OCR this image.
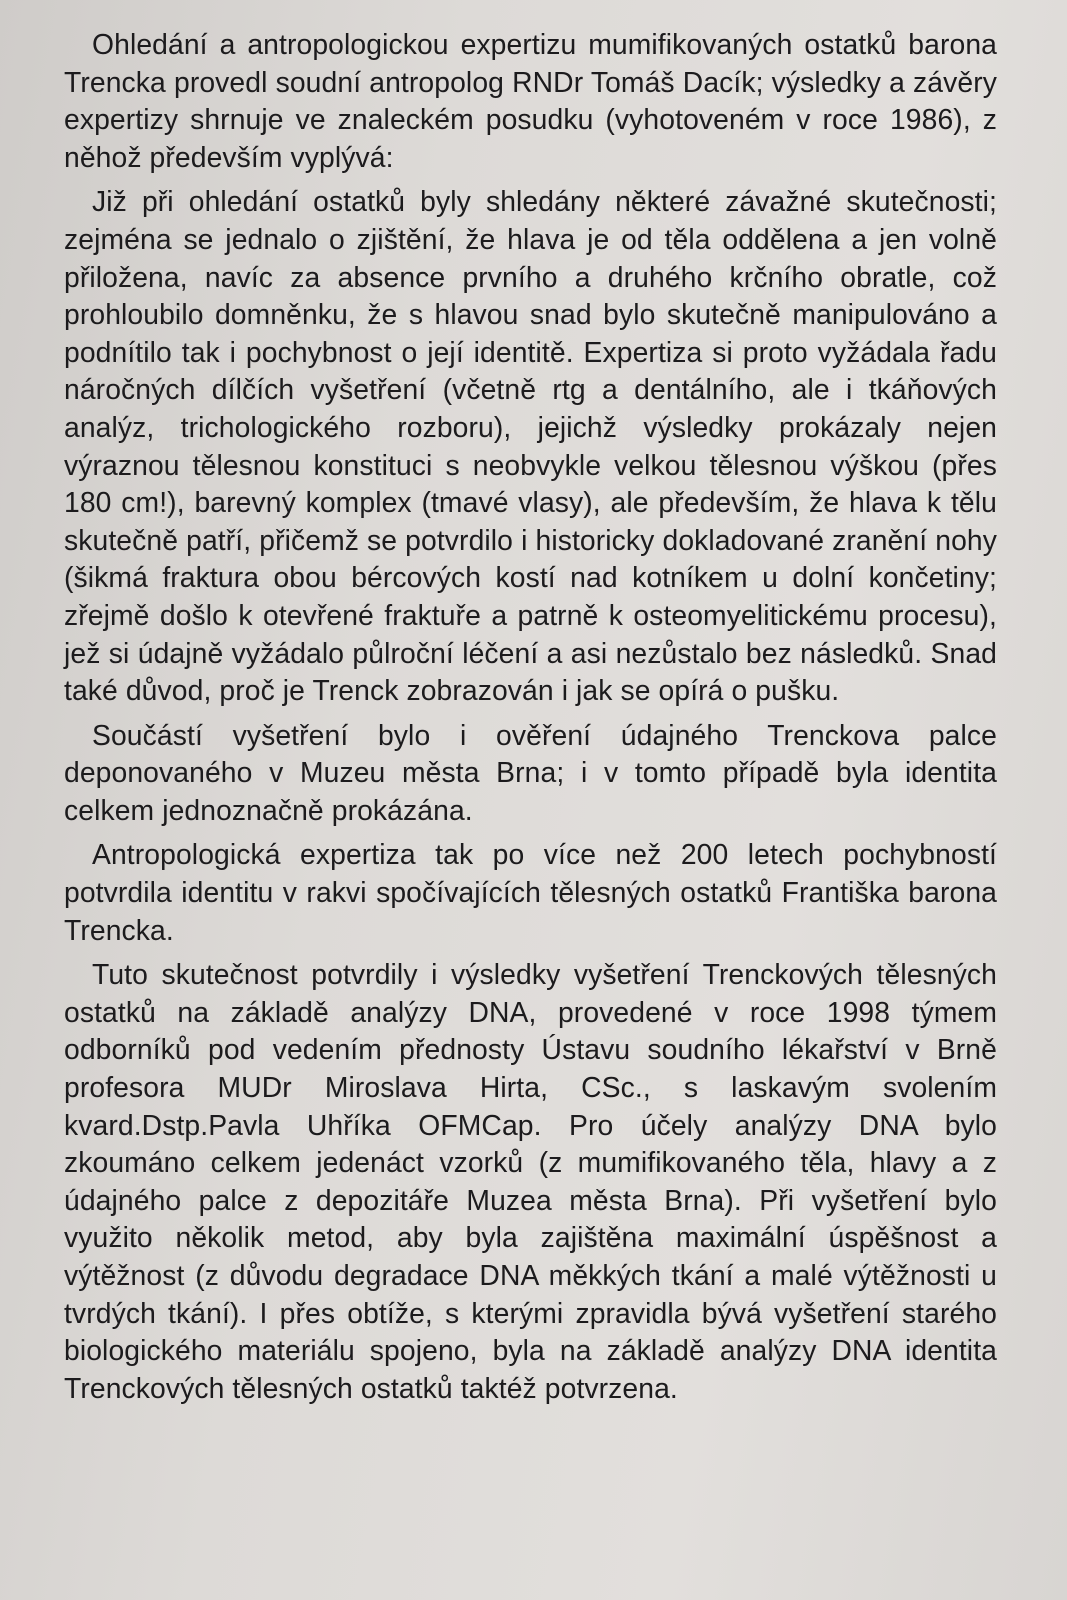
Ohledání a antropologickou expertizu mumifikovaných ostatků barona Trencka provedl soudní antropolog RNDr Tomáš Dacík; výsledky a závěry expertizy shrnuje ve znaleckém posudku (vyhotoveném v roce 1986), z něhož především vyplývá:

Již při ohledání ostatků byly shledány některé závažné skutečnosti; zejména se jednalo o zjištění, že hlava je od těla oddělena a jen volně přiložena, navíc za absence prvního a druhého krčního obratle, což prohloubilo domněnku, že s hlavou snad bylo skutečně manipulováno a podnítilo tak i pochybnost o její identitě. Expertiza si proto vyžádala řadu náročných dílčích vyšetření (včetně rtg a dentálního, ale i tkáňových analýz, trichologického rozboru), jejichž výsledky prokázaly nejen výraznou tělesnou konstituci s neobvykle velkou tělesnou výškou (přes 180 cm!), barevný komplex (tmavé vlasy), ale především, že hlava k tělu skutečně patří, přičemž se potvrdilo i historicky dokladované zranění nohy (šikmá fraktura obou bércových kostí nad kotníkem u dolní končetiny; zřejmě došlo k otevřené fraktuře a patrně k osteomyelitickému procesu), jež si údajně vyžádalo půlroční léčení a asi nezůstalo bez následků. Snad také důvod, proč je Trenck zobrazován i jak se opírá o pušku.

Součástí vyšetření bylo i ověření údajného Trenckova palce deponovaného v Muzeu města Brna; i v tomto případě byla identita celkem jednoznačně prokázána.

Antropologická expertiza tak po více než 200 letech pochybností potvrdila identitu v rakvi spočívajících tělesných ostatků Františka barona Trencka.

Tuto skutečnost potvrdily i výsledky vyšetření Trenckových tělesných ostatků na základě analýzy DNA, provedené v roce 1998 týmem odborníků pod vedením přednosty Ústavu soudního lékařství v Brně profesora MUDr Miroslava Hirta, CSc., s laskavým svolením kvard.Dstp.Pavla Uhříka OFMCap. Pro účely analýzy DNA bylo zkoumáno celkem jedenáct vzorků (z mumifikovaného těla, hlavy a z údajného palce z depozitáře Muzea města Brna). Při vyšetření bylo využito několik metod, aby byla zajištěna maximální úspěšnost a výtěžnost (z důvodu degradace DNA měkkých tkání a malé výtěžnosti u tvrdých tkání). I přes obtíže, s kterými zpravidla bývá vyšetření starého biologického materiálu spojeno, byla na základě analýzy DNA identita Trenckových tělesných ostatků taktéž potvrzena.
